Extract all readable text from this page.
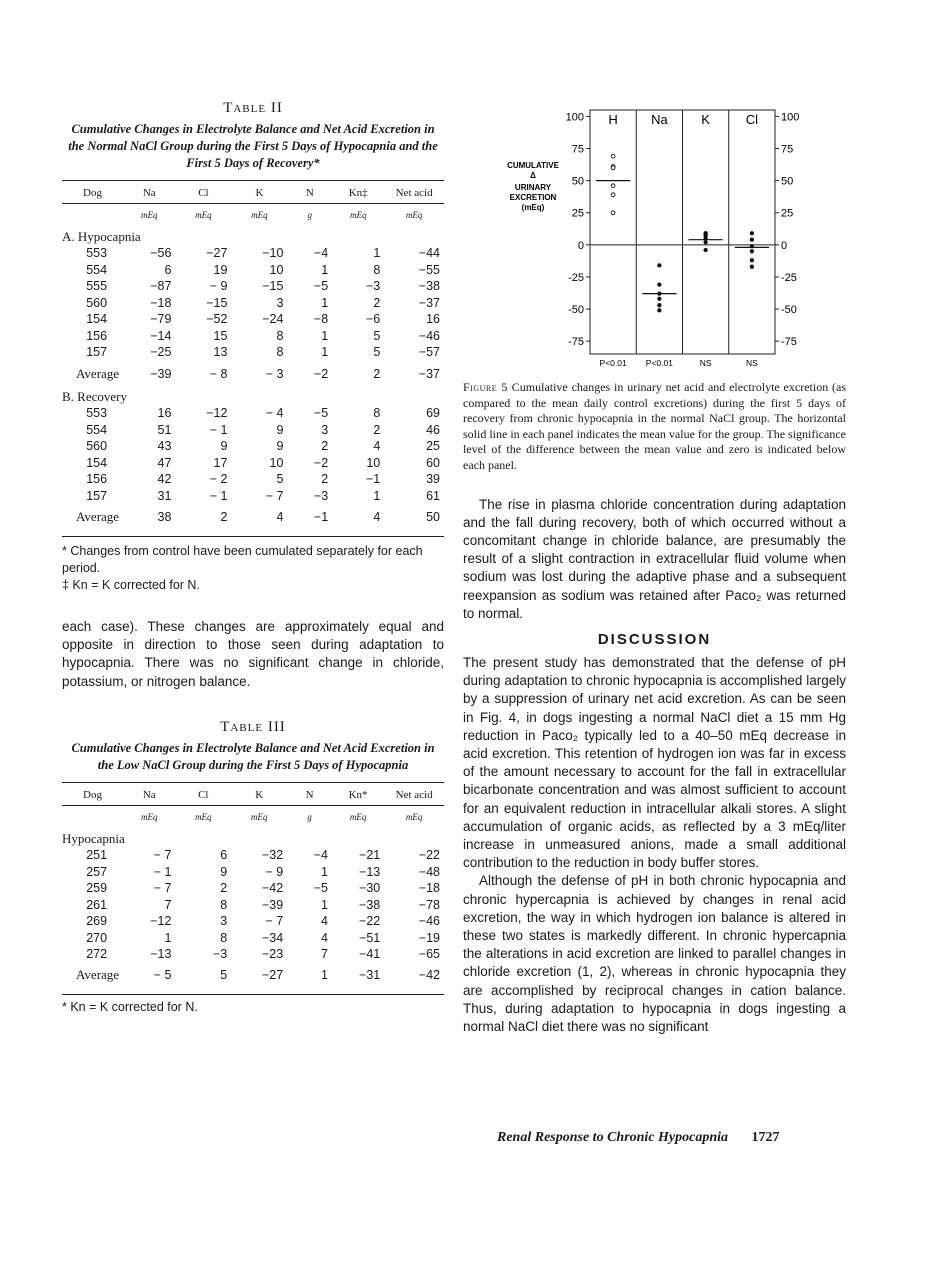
Table II
Cumulative Changes in Electrolyte Balance and Net Acid Excretion in the Normal NaCl Group during the First 5 Days of Hypocapnia and the First 5 Days of Recovery*

Dog	Na	Cl	K	N	Kn‡	Net acid

	mEq	mEq	mEq	g	mEq	mEq
A. Hypocapnia						
553	−56	−27	−10	−4	1	−44
554	6	19	10	1	8	−55
555	−87	− 9	−15	−5	−3	−38
560	−18	−15	3	1	2	−37
154	−79	−52	−24	−8	−6	16
156	−14	15	8	1	5	−46
157	−25	13	8	1	5	−57
Average	−39	− 8	− 3	−2	2	−37
B. Recovery						
553	16	−12	− 4	−5	8	69
554	51	− 1	9	3	2	46
560	43	9	9	2	4	25
154	47	17	10	−2	10	60
156	42	− 2	5	2	−1	39
157	31	− 1	− 7	−3	1	61
Average	38	2	4	−1	4	50

* Changes from control have been cumulated separately for each period.
‡ Kn = K corrected for N.

each case). These changes are approximately equal and opposite in direction to those seen during adaptation to hypocapnia. There was no significant change in chloride, potassium, or nitrogen balance.

Table III
Cumulative Changes in Electrolyte Balance and Net Acid Excretion in the Low NaCl Group during the First 5 Days of Hypocapnia

Dog	Na	Cl	K	N	Kn*	Net acid

	mEq	mEq	mEq	g	mEq	mEq
Hypocapnia						
251	− 7	6	−32	−4	−21	−22
257	− 1	9	− 9	1	−13	−48
259	− 7	2	−42	−5	−30	−18
261	7	8	−39	1	−38	−78
269	−12	3	− 7	4	−22	−46
270	1	8	−34	4	−51	−19
272	−13	−3	−23	7	−41	−65
Average	− 5	5	−27	1	−31	−42

* Kn = K corrected for N.
100	100
75	75
50	50
25	25
0	0
-25	-25
-50	-50
-75	-75
H
P<0.01
Na
P<0.01
K
NS
Cl
NS
CUMULATIVE
Δ
URINARY
EXCRETION
(mEq)
Figure 5 Cumulative changes in urinary net acid and electrolyte excretion (as compared to the mean daily control excretions) during the first 5 days of recovery from chronic hypocapnia in the normal NaCl group. The horizontal solid line in each panel indicates the mean value for the group. The significance level of the difference between the mean value and zero is indicated below each panel.

The rise in plasma chloride concentration during adaptation and the fall during recovery, both of which occurred without a concomitant change in chloride balance, are presumably the result of a slight contraction in extracellular fluid volume when sodium was lost during the adaptive phase and a subsequent reexpansion as sodium was retained after Paco₂ was returned to normal.

DISCUSSION

The present study has demonstrated that the defense of pH during adaptation to chronic hypocapnia is accomplished largely by a suppression of urinary net acid excretion. As can be seen in Fig. 4, in dogs ingesting a normal NaCl diet a 15 mm Hg reduction in Paco₂ typically led to a 40–50 mEq decrease in acid excretion. This retention of hydrogen ion was far in excess of the amount necessary to account for the fall in extracellular bicarbonate concentration and was almost sufficient to account for an equivalent reduction in intracellular alkali stores. A slight accumulation of organic acids, as reflected by a 3 mEq/liter increase in unmeasured anions, made a small additional contribution to the reduction in body buffer stores.

Although the defense of pH in both chronic hypocapnia and chronic hypercapnia is achieved by changes in renal acid excretion, the way in which hydrogen ion balance is altered in these two states is markedly different. In chronic hypercapnia the alterations in acid excretion are linked to parallel changes in chloride excretion (1, 2), whereas in chronic hypocapnia they are accomplished by reciprocal changes in cation balance. Thus, during adaptation to hypocapnia in dogs ingesting a normal NaCl diet there was no significant

Renal Response to Chronic Hypocapnia 1727
